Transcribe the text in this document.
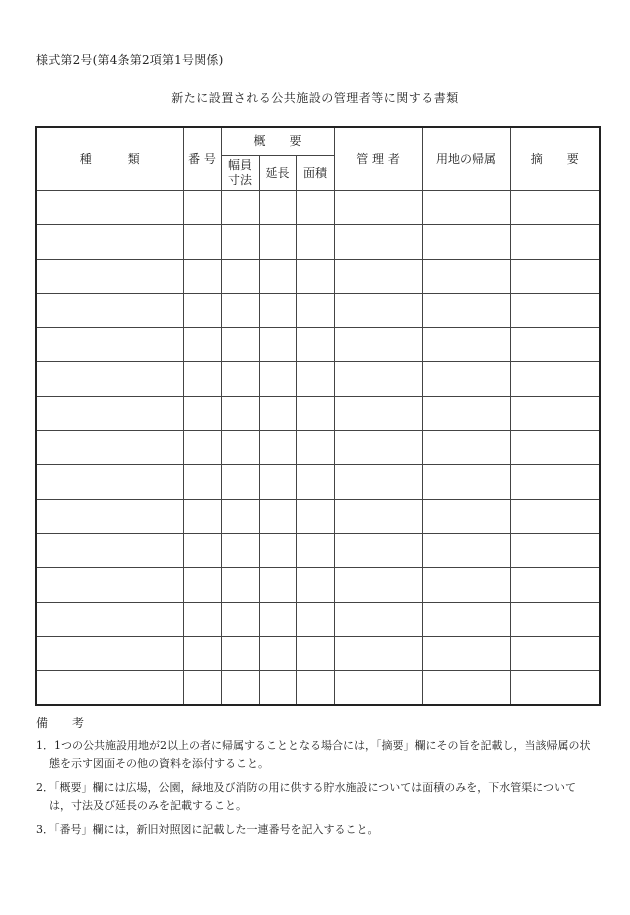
様式第2号(第4条第2項第1号関係)
新たに設置される公共施設の管理者等に関する書類
種　　　類	番 号	概　　要			管 理 者	用地の帰属	摘　　要
		幅員寸法	延長	面積			

備　　考

1．1つの公共施設用地が2以上の者に帰属することとなる場合には，「摘要」欄にその旨を記載し，当該帰属の状態を示す図面その他の資料を添付すること。

2．「概要」欄には広場，公園，緑地及び消防の用に供する貯水施設については面積のみを，下水管渠については，寸法及び延長のみを記載すること。

3．「番号」欄には，新旧対照図に記載した一連番号を記入すること。
